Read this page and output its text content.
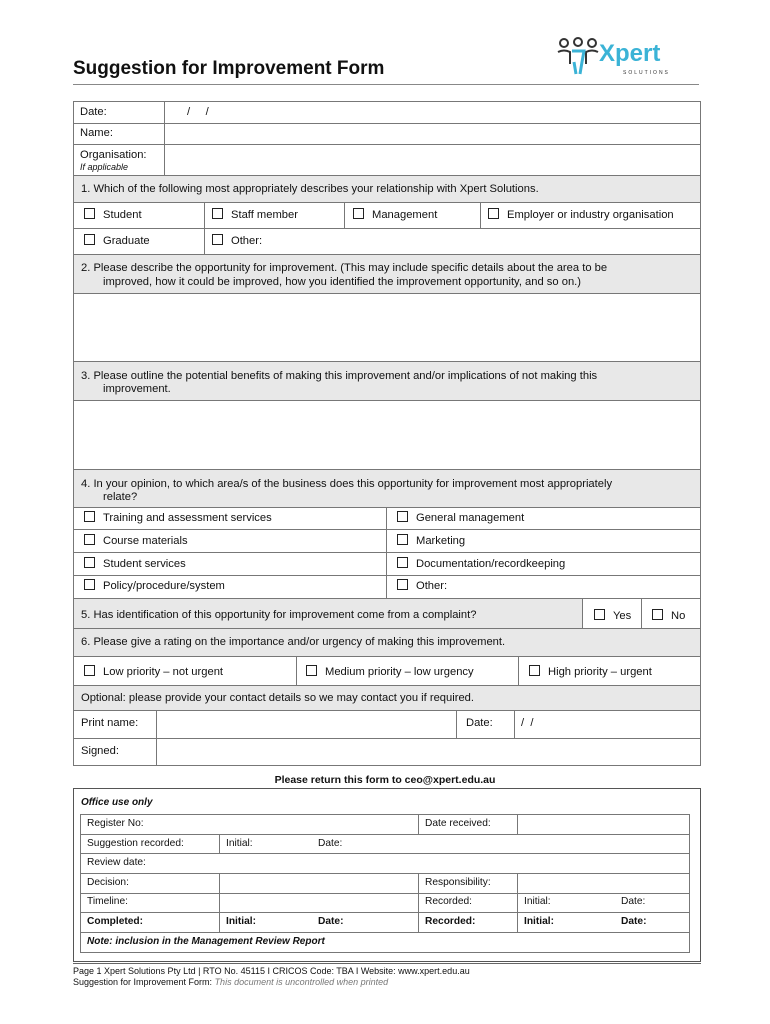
Suggestion for Improvement Form
Xpert
SOLUTIONS
Date:	/     /
Name:
Organisation:
If applicable
1. Which of the following most appropriately describes your relationship with Xpert Solutions.
Student	Staff member	Management	Employer or industry organisation
Graduate	Other:
2. Please describe the opportunity for improvement. (This may include specific details about the area to be
improved, how it could be improved, how you identified the improvement opportunity, and so on.)
3. Please outline the potential benefits of making this improvement and/or implications of not making this
improvement.
4. In your opinion, to which area/s of the business does this opportunity for improvement most appropriately
relate?
Training and assessment services	General management
Course materials	Marketing
Student services	Documentation/recordkeeping
Policy/procedure/system	Other:
5. Has identification of this opportunity for improvement come from a complaint?	Yes	No
6. Please give a rating on the importance and/or urgency of making this improvement.
Low priority – not urgent	Medium priority – low urgency	High priority – urgent
Optional: please provide your contact details so we may contact you if required.
Print name:	Date:	/  /
Signed:
Please return this form to ceo@xpert.edu.au
Office use only
Register No:	Date received:
Suggestion recorded:	Initial:	Date:
Review date:
Decision:	Responsibility:
Timeline:	Recorded:	Initial:	Date:
Completed:	Initial:	Date:	Recorded:	Initial:	Date:
Note: inclusion in the Management Review Report
Page 1 Xpert Solutions Pty Ltd | RTO No. 45115 I CRICOS Code: TBA I Website: www.xpert.edu.au
Suggestion for Improvement Form: This document is uncontrolled when printed
